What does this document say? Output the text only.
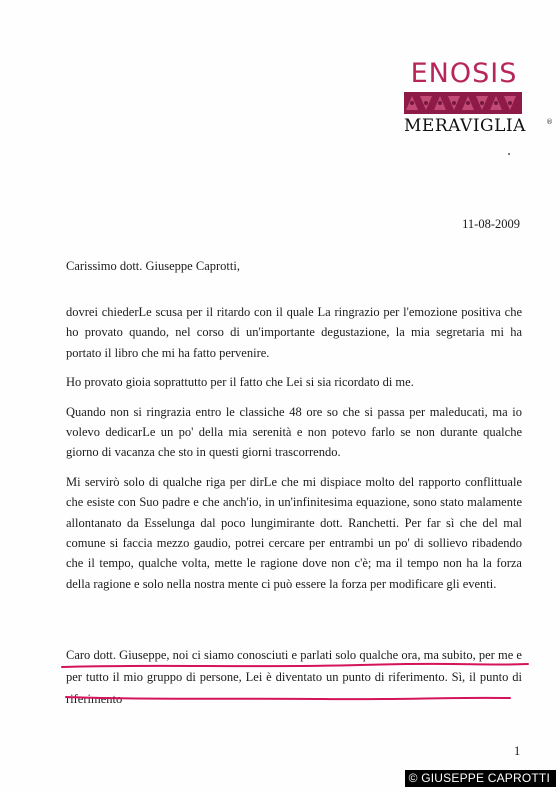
ENOSIS
MERAVIGLIA	®
11-08-2009
Carissimo dott. Giuseppe Caprotti,

dovrei chiederLe scusa per il ritardo con il quale La ringrazio per l'emozione positiva che ho provato quando, nel corso di un'importante degustazione, la mia segretaria mi ha portato il libro che mi ha fatto pervenire.

Ho provato gioia soprattutto per il fatto che Lei si sia ricordato di me.

Quando non si ringrazia entro le classiche 48 ore so che si passa per maleducati, ma io volevo dedicarLe un po' della mia serenità e non potevo farlo se non durante qualche giorno di vacanza che sto in questi giorni trascorrendo.

Mi servirò solo di qualche riga per dirLe che mi dispiace molto del rapporto conflittuale che esiste con Suo padre e che anch'io, in un'infinitesima equazione, sono stato malamente allontanato da Esselunga dal poco lungimirante dott. Ranchetti. Per far sì che del mal comune si faccia mezzo gaudio, potrei cercare per entrambi un po' di sollievo ribadendo che il tempo, qualche volta, mette le ragione dove non c'è; ma il tempo non ha la forza della ragione e solo nella nostra mente ci può essere la forza per modificare gli eventi.

Caro dott. Giuseppe, noi ci siamo conosciuti e parlati solo qualche ora, ma subito, per me e per tutto il mio gruppo di persone, Lei è diventato un punto di riferimento. Sì, il punto di riferimento

1
© GIUSEPPE CAPROTTI
